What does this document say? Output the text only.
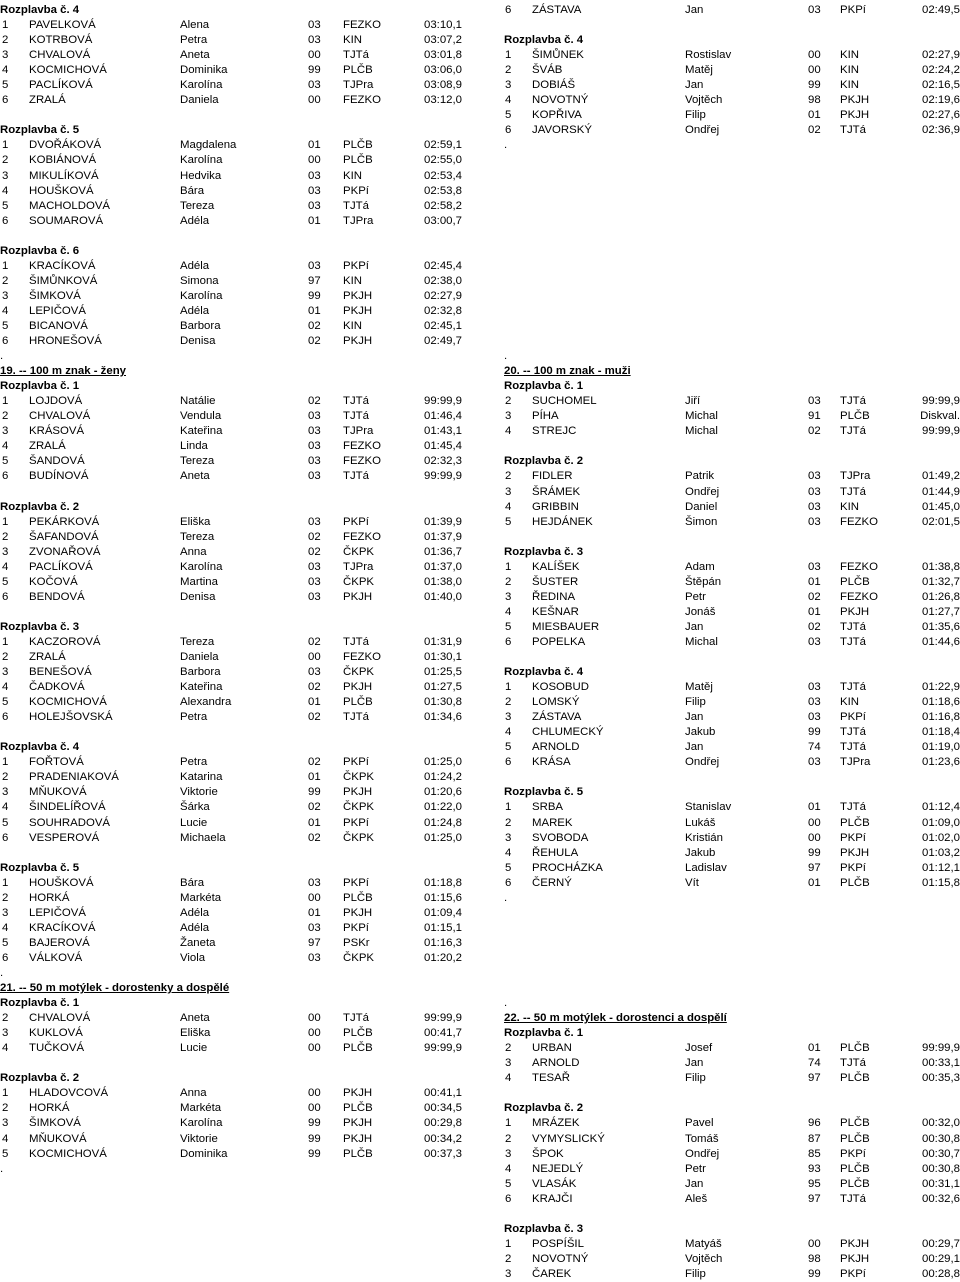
Rozplavba č. 4
1 PAVELKOVÁ	Alena	03 FEZKO	03:10,1
2 KOTRBOVÁ	Petra	03 KIN	03:07,2
3 CHVALOVÁ	Aneta	00 TJTá	03:01,8
4 KOCMICHOVÁ	Dominika	99 PLČB	03:06,0
5 PACLÍKOVÁ	Karolína	03 TJPra	03:08,9
6 ZRALÁ	Daniela	00 FEZKO	03:12,0
Rozplavba č. 5
1 DVOŘÁKOVÁ	Magdalena	01 PLČB	02:59,1
2 KOBIÁNOVÁ	Karolína	00 PLČB	02:55,0
3 MIKULÍKOVÁ	Hedvika	03 KIN	02:53,4
4 HOUŠKOVÁ	Bára	03 PKPí	02:53,8
5 MACHOLDOVÁ	Tereza	03 TJTá	02:58,2
6 SOUMAROVÁ	Adéla	01 TJPra	03:00,7
Rozplavba č. 6
1 KRACÍKOVÁ	Adéla	03 PKPí	02:45,4
2 ŠIMŮNKOVÁ	Simona	97 KIN	02:38,0
3 ŠIMKOVÁ	Karolína	99 PKJH	02:27,9
4 LEPIČOVÁ	Adéla	01 PKJH	02:32,8
5 BICANOVÁ	Barbora	02 KIN	02:45,1
6 HRONEŠOVÁ	Denisa	02 PKJH	02:49,7
.
19. -- 100 m znak - ženy
Rozplavba č. 1
1 LOJDOVÁ	Natálie	02 TJTá	99:99,9
2 CHVALOVÁ	Vendula	03 TJTá	01:46,4
3 KRÁSOVÁ	Kateřina	03 TJPra	01:43,1
4 ZRALÁ	Linda	03 FEZKO	01:45,4
5 ŠANDOVÁ	Tereza	03 FEZKO	02:32,3
6 BUDÍNOVÁ	Aneta	03 TJTá	99:99,9
Rozplavba č. 2
1 PEKÁRKOVÁ	Eliška	03 PKPí	01:39,9
2 ŠAFANDOVÁ	Tereza	02 FEZKO	01:37,9
3 ZVONAŘOVÁ	Anna	02 ČKPK	01:36,7
4 PACLÍKOVÁ	Karolína	03 TJPra	01:37,0
5 KOČOVÁ	Martina	03 ČKPK	01:38,0
6 BENDOVÁ	Denisa	03 PKJH	01:40,0
Rozplavba č. 3
1 KACZOROVÁ	Tereza	02 TJTá	01:31,9
2 ZRALÁ	Daniela	00 FEZKO	01:30,1
3 BENEŠOVÁ	Barbora	03 ČKPK	01:25,5
4 ČADKOVÁ	Kateřina	02 PKJH	01:27,5
5 KOCMICHOVÁ	Alexandra	01 PLČB	01:30,8
6 HOLEJŠOVSKÁ	Petra	02 TJTá	01:34,6
Rozplavba č. 4
1 FOŘTOVÁ	Petra	02 PKPí	01:25,0
2 PRADENIAKOVÁ	Katarina	01 ČKPK	01:24,2
3 MŇUKOVÁ	Viktorie	99 PKJH	01:20,6
4 ŠINDELÍŘOVÁ	Šárka	02 ČKPK	01:22,0
5 SOUHRADOVÁ	Lucie	01 PKPí	01:24,8
6 VESPEROVÁ	Michaela	02 ČKPK	01:25,0
Rozplavba č. 5
1 HOUŠKOVÁ	Bára	03 PKPí	01:18,8
2 HORKÁ	Markéta	00 PLČB	01:15,6
3 LEPIČOVÁ	Adéla	01 PKJH	01:09,4
4 KRACÍKOVÁ	Adéla	03 PKPí	01:15,1
5 BAJEROVÁ	Žaneta	97 PSKr	01:16,3
6 VÁLKOVÁ	Viola	03 ČKPK	01:20,2
.
21. -- 50 m motýlek - dorostenky a dospělé
Rozplavba č. 1
2 CHVALOVÁ	Aneta	00 TJTá	99:99,9
3 KUKLOVÁ	Eliška	00 PLČB	00:41,7
4 TUČKOVÁ	Lucie	00 PLČB	99:99,9
Rozplavba č. 2
1 HLADOVCOVÁ	Anna	00 PKJH	00:41,1
2 HORKÁ	Markéta	00 PLČB	00:34,5
3 ŠIMKOVÁ	Karolína	99 PKJH	00:29,8
4 MŇUKOVÁ	Viktorie	99 PKJH	00:34,2
5 KOCMICHOVÁ	Dominika	99 PLČB	00:37,3
.
6 ZÁSTAVA	Jan	03 PKPí	02:49,5
Rozplavba č. 4
1 ŠIMŮNEK	Rostislav	00 KIN	02:27,9
2 ŠVÁB	Matěj	00 KIN	02:24,2
3 DOBIÁŠ	Jan	99 KIN	02:16,5
4 NOVOTNÝ	Vojtěch	98 PKJH	02:19,6
5 KOPŘIVA	Filip	01 PKJH	02:27,6
6 JAVORSKÝ	Ondřej	02 TJTá	02:36,9
.
.
20. -- 100 m znak - muži
Rozplavba č. 1
2 SUCHOMEL	Jiří	03 TJTá	99:99,9
3 PÍHA	Michal	91 PLČB	Diskval.
4 STREJC	Michal	02 TJTá	99:99,9
Rozplavba č. 2
2 FIDLER	Patrik	03 TJPra	01:49,2
3 ŠRÁMEK	Ondřej	03 TJTá	01:44,9
4 GRIBBIN	Daniel	03 KIN	01:45,0
5 HEJDÁNEK	Šimon	03 FEZKO	02:01,5
Rozplavba č. 3
1 KALÍŠEK	Adam	03 FEZKO	01:38,8
2 ŠUSTER	Štěpán	01 PLČB	01:32,7
3 ŘEDINA	Petr	02 FEZKO	01:26,8
4 KEŠNAR	Jonáš	01 PKJH	01:27,7
5 MIESBAUER	Jan	02 TJTá	01:35,6
6 POPELKA	Michal	03 TJTá	01:44,6
Rozplavba č. 4
1 KOSOBUD	Matěj	03 TJTá	01:22,9
2 LOMSKÝ	Filip	03 KIN	01:18,6
3 ZÁSTAVA	Jan	03 PKPí	01:16,8
4 CHLUMECKÝ	Jakub	99 TJTá	01:18,4
5 ARNOLD	Jan	74 TJTá	01:19,0
6 KRÁSA	Ondřej	03 TJPra	01:23,6
Rozplavba č. 5
1 SRBA	Stanislav	01 TJTá	01:12,4
2 MAREK	Lukáš	00 PLČB	01:09,0
3 SVOBODA	Kristián	00 PKPí	01:02,0
4 ŘEHULA	Jakub	99 PKJH	01:03,2
5 PROCHÁZKA	Ladislav	97 PKPí	01:12,1
6 ČERNÝ	Vít	01 PLČB	01:15,8
.
.
22. -- 50 m motýlek - dorostenci a dospělí
Rozplavba č. 1
2 URBAN	Josef	01 PLČB	99:99,9
3 ARNOLD	Jan	74 TJTá	00:33,1
4 TESAŘ	Filip	97 PLČB	00:35,3
Rozplavba č. 2
1 MRÁZEK	Pavel	96 PLČB	00:32,0
2 VYMYSLICKÝ	Tomáš	87 PLČB	00:30,8
3 ŠPOK	Ondřej	85 PKPí	00:30,7
4 NEJEDLÝ	Petr	93 PLČB	00:30,8
5 VLASÁK	Jan	95 PLČB	00:31,1
6 KRAJČI	Aleš	97 TJTá	00:32,6
Rozplavba č. 3
1 POSPÍŠIL	Matyáš	00 PKJH	00:29,7
2 NOVOTNÝ	Vojtěch	98 PKJH	00:29,1
3 ČAREK	Filip	99 PKPí	00:28,8
